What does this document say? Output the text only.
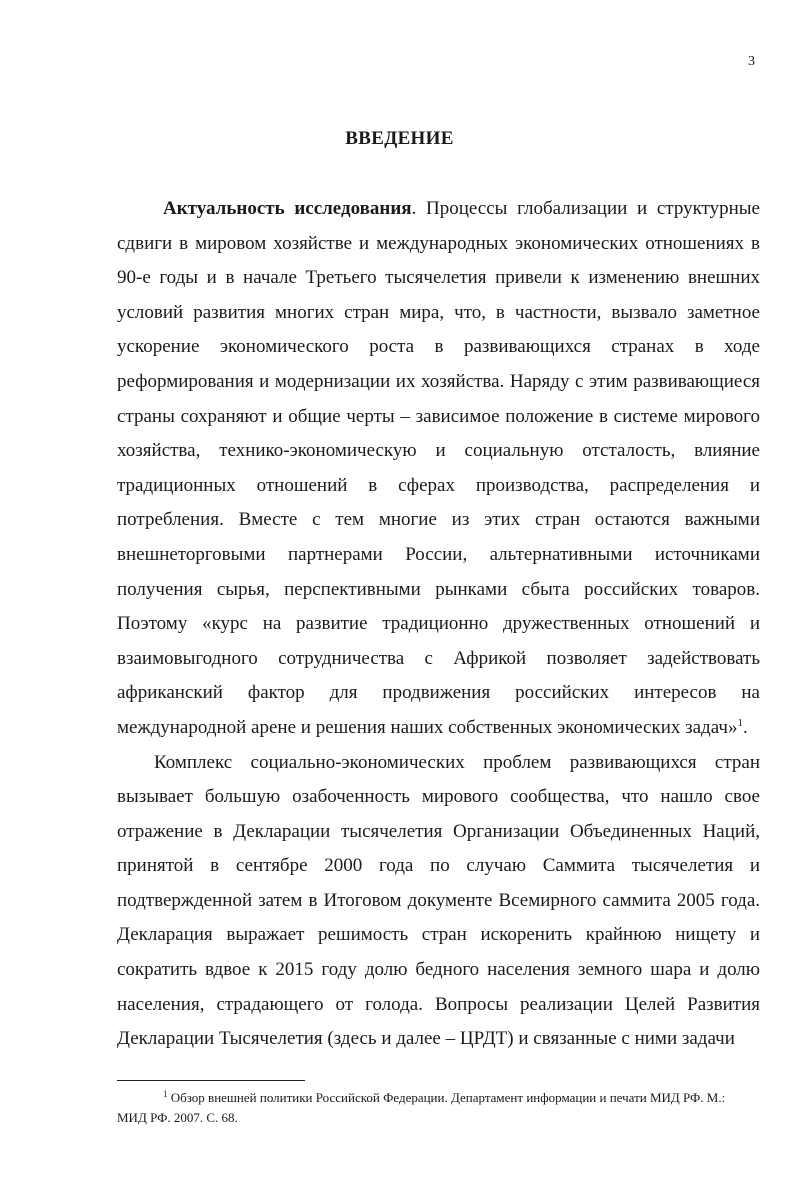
3
ВВЕДЕНИЕ

Актуальность исследования. Процессы глобализации и структурные сдвиги в мировом хозяйстве и международных экономических отношениях в 90-е годы и в начале Третьего тысячелетия привели к изменению внешних условий развития многих стран мира, что, в частности, вызвало заметное ускорение экономического роста в развивающихся странах в ходе реформирования и модернизации их хозяйства. Наряду с этим развивающиеся страны сохраняют и общие черты – зависимое положение в системе мирового хозяйства, технико-экономическую и социальную отсталость, влияние традиционных отношений в сферах производства, распределения и потребления. Вместе с тем многие из этих стран остаются важными внешнеторговыми партнерами России, альтернативными источниками получения сырья, перспективными рынками сбыта российских товаров. Поэтому «курс на развитие традиционно дружественных отношений и взаимовыгодного сотрудничества с Африкой позволяет задействовать африканский фактор для продвижения российских интересов на международной арене и решения наших собственных экономических задач»$^1$.

Комплекс социально-экономических проблем развивающихся стран вызывает большую озабоченность мирового сообщества, что нашло свое отражение в Декларации тысячелетия Организации Объединенных Наций, принятой в сентябре 2000 года по случаю Саммита тысячелетия и подтвержденной затем в Итоговом документе Всемирного саммита 2005 года. Декларация выражает решимость стран искоренить крайнюю нищету и сократить вдвое к 2015 году долю бедного населения земного шара и долю населения, страдающего от голода. Вопросы реализации Целей Развития Декларации Тысячелетия (здесь и далее – ЦРДТ) и связанные с ними задачи

$^1$ Обзор внешней политики Российской Федерации. Департамент информации и печати МИД РФ. М.: МИД РФ. 2007. С. 68.
